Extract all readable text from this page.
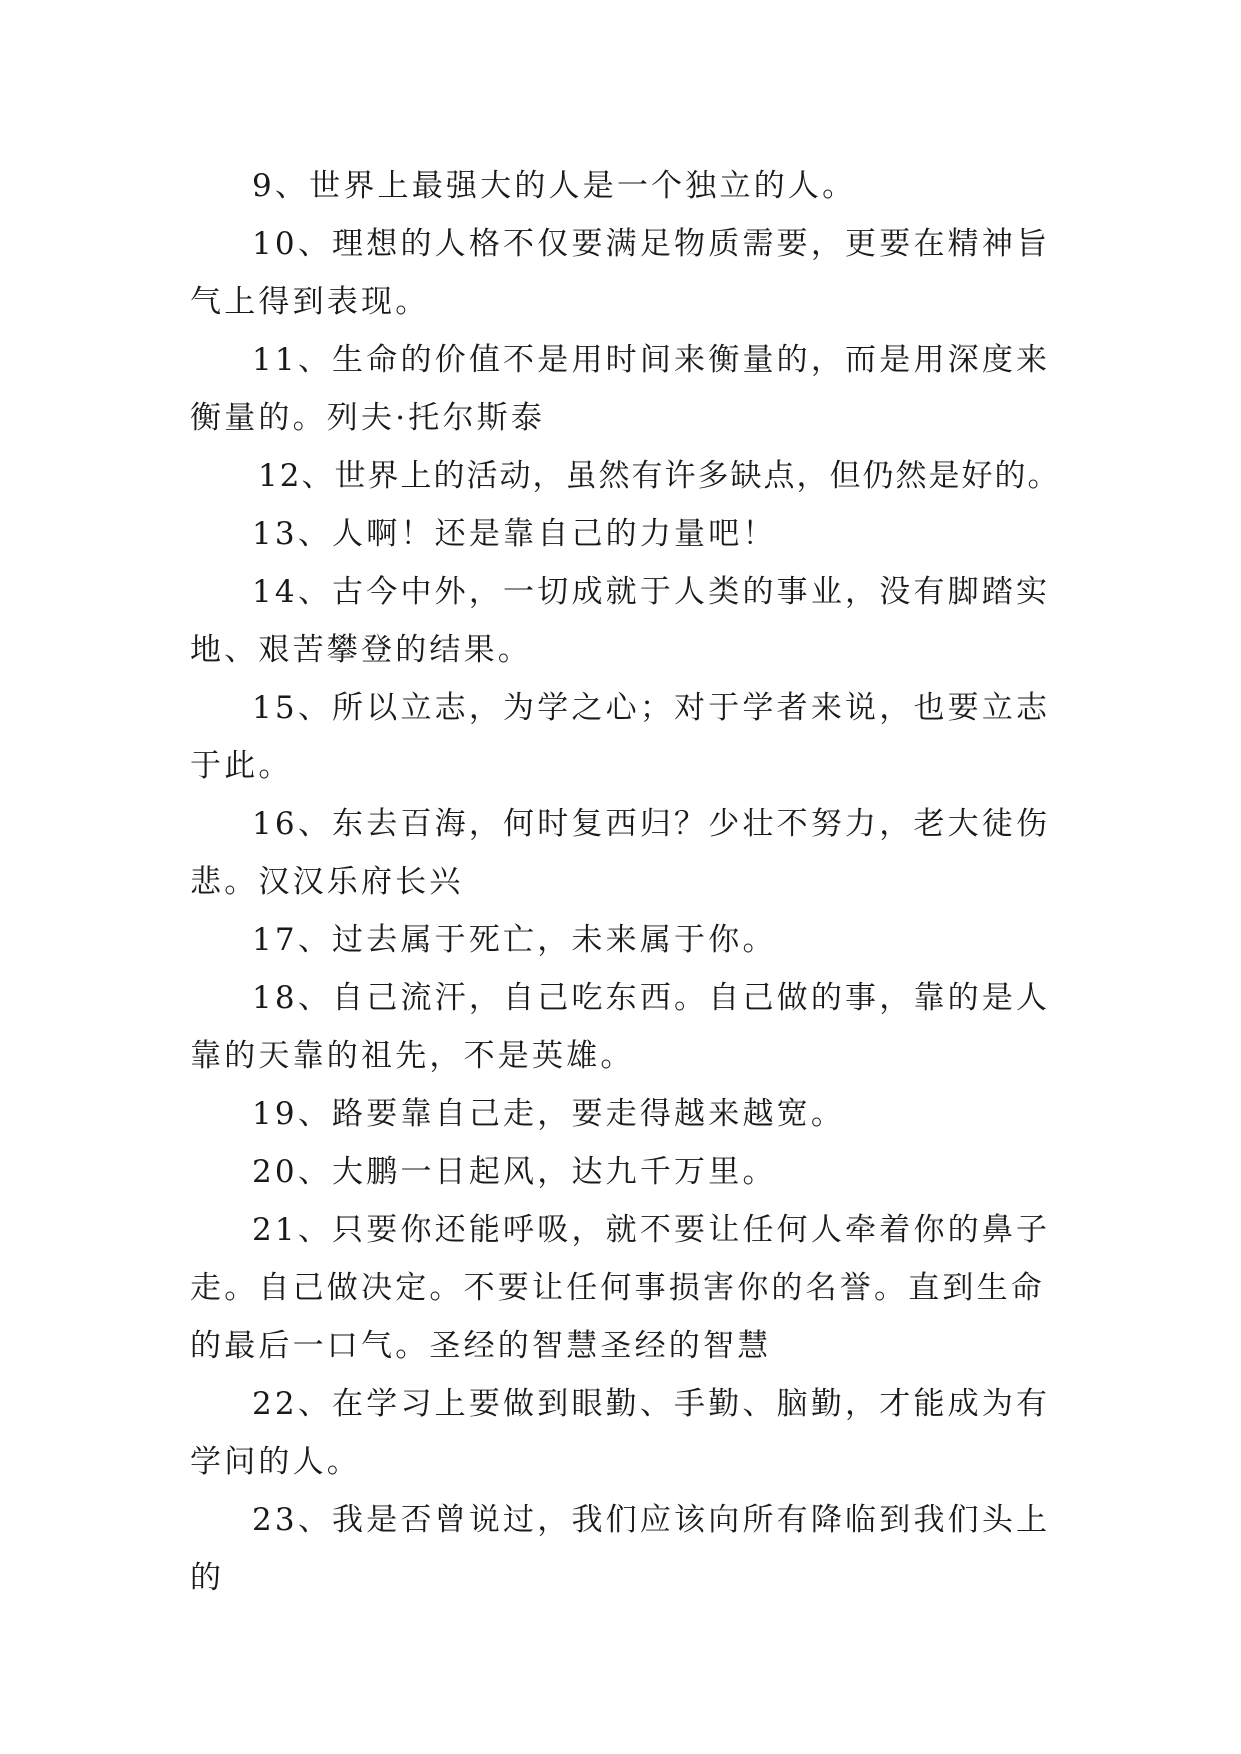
9、世界上最强大的人是一个独立的人。

10、理想的人格不仅要满足物质需要，更要在精神旨气上得到表现。

11、生命的价值不是用时间来衡量的，而是用深度来衡量的。列夫·托尔斯泰

12、世界上的活动，虽然有许多缺点，但仍然是好的。

13、人啊！还是靠自己的力量吧！

14、古今中外，一切成就于人类的事业，没有脚踏实地、艰苦攀登的结果。

15、所以立志，为学之心；对于学者来说，也要立志于此。

16、东去百海，何时复西归？少壮不努力，老大徒伤悲。汉汉乐府长兴

17、过去属于死亡，未来属于你。

18、自己流汗，自己吃东西。自己做的事，靠的是人靠的天靠的祖先，不是英雄。

19、路要靠自己走，要走得越来越宽。

20、大鹏一日起风，达九千万里。

21、只要你还能呼吸，就不要让任何人牵着你的鼻子走。自己做决定。不要让任何事损害你的名誉。直到生命的最后一口气。圣经的智慧圣经的智慧

22、在学习上要做到眼勤、手勤、脑勤，才能成为有学问的人。

23、我是否曾说过，我们应该向所有降临到我们头上的
